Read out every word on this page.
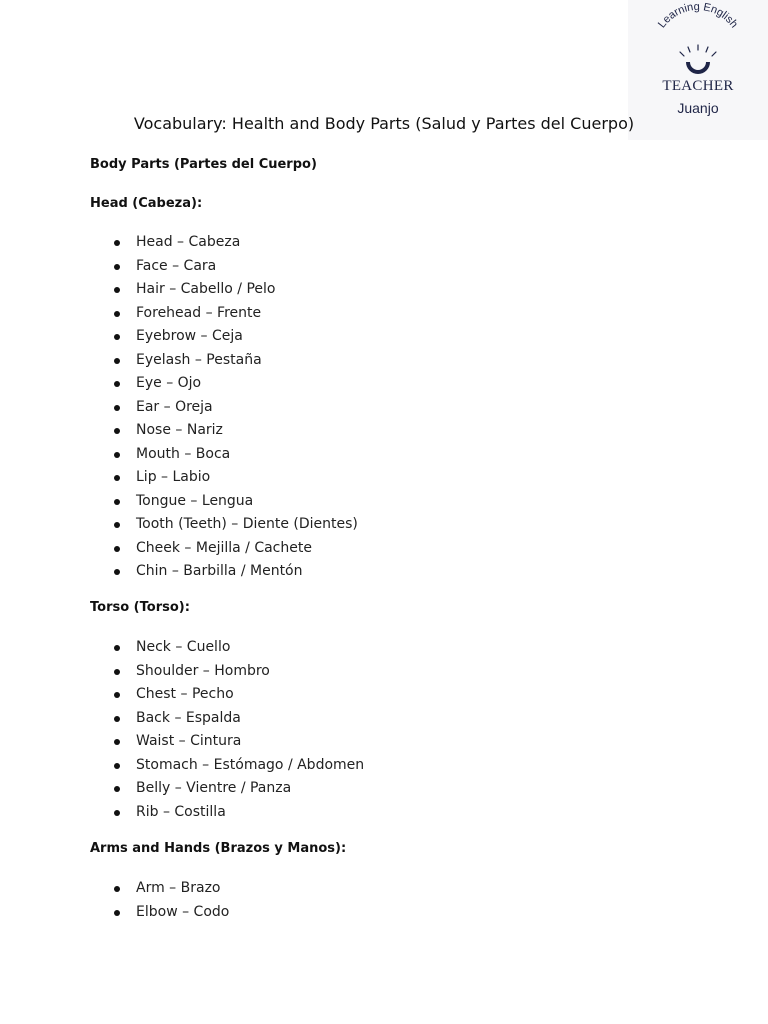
Learning English
TEACHER
Juanjo
Vocabulary: Health and Body Parts (Salud y Partes del Cuerpo)
Body Parts (Partes del Cuerpo)
Head (Cabeza):
Head – Cabeza
Face – Cara
Hair – Cabello / Pelo
Forehead – Frente
Eyebrow – Ceja
Eyelash – Pestaña
Eye – Ojo
Ear – Oreja
Nose – Nariz
Mouth – Boca
Lip – Labio
Tongue – Lengua
Tooth (Teeth) – Diente (Dientes)
Cheek – Mejilla / Cachete
Chin – Barbilla / Mentón
Torso (Torso):
Neck – Cuello
Shoulder – Hombro
Chest – Pecho
Back – Espalda
Waist – Cintura
Stomach – Estómago / Abdomen
Belly – Vientre / Panza
Rib – Costilla
Arms and Hands (Brazos y Manos):
Arm – Brazo
Elbow – Codo
